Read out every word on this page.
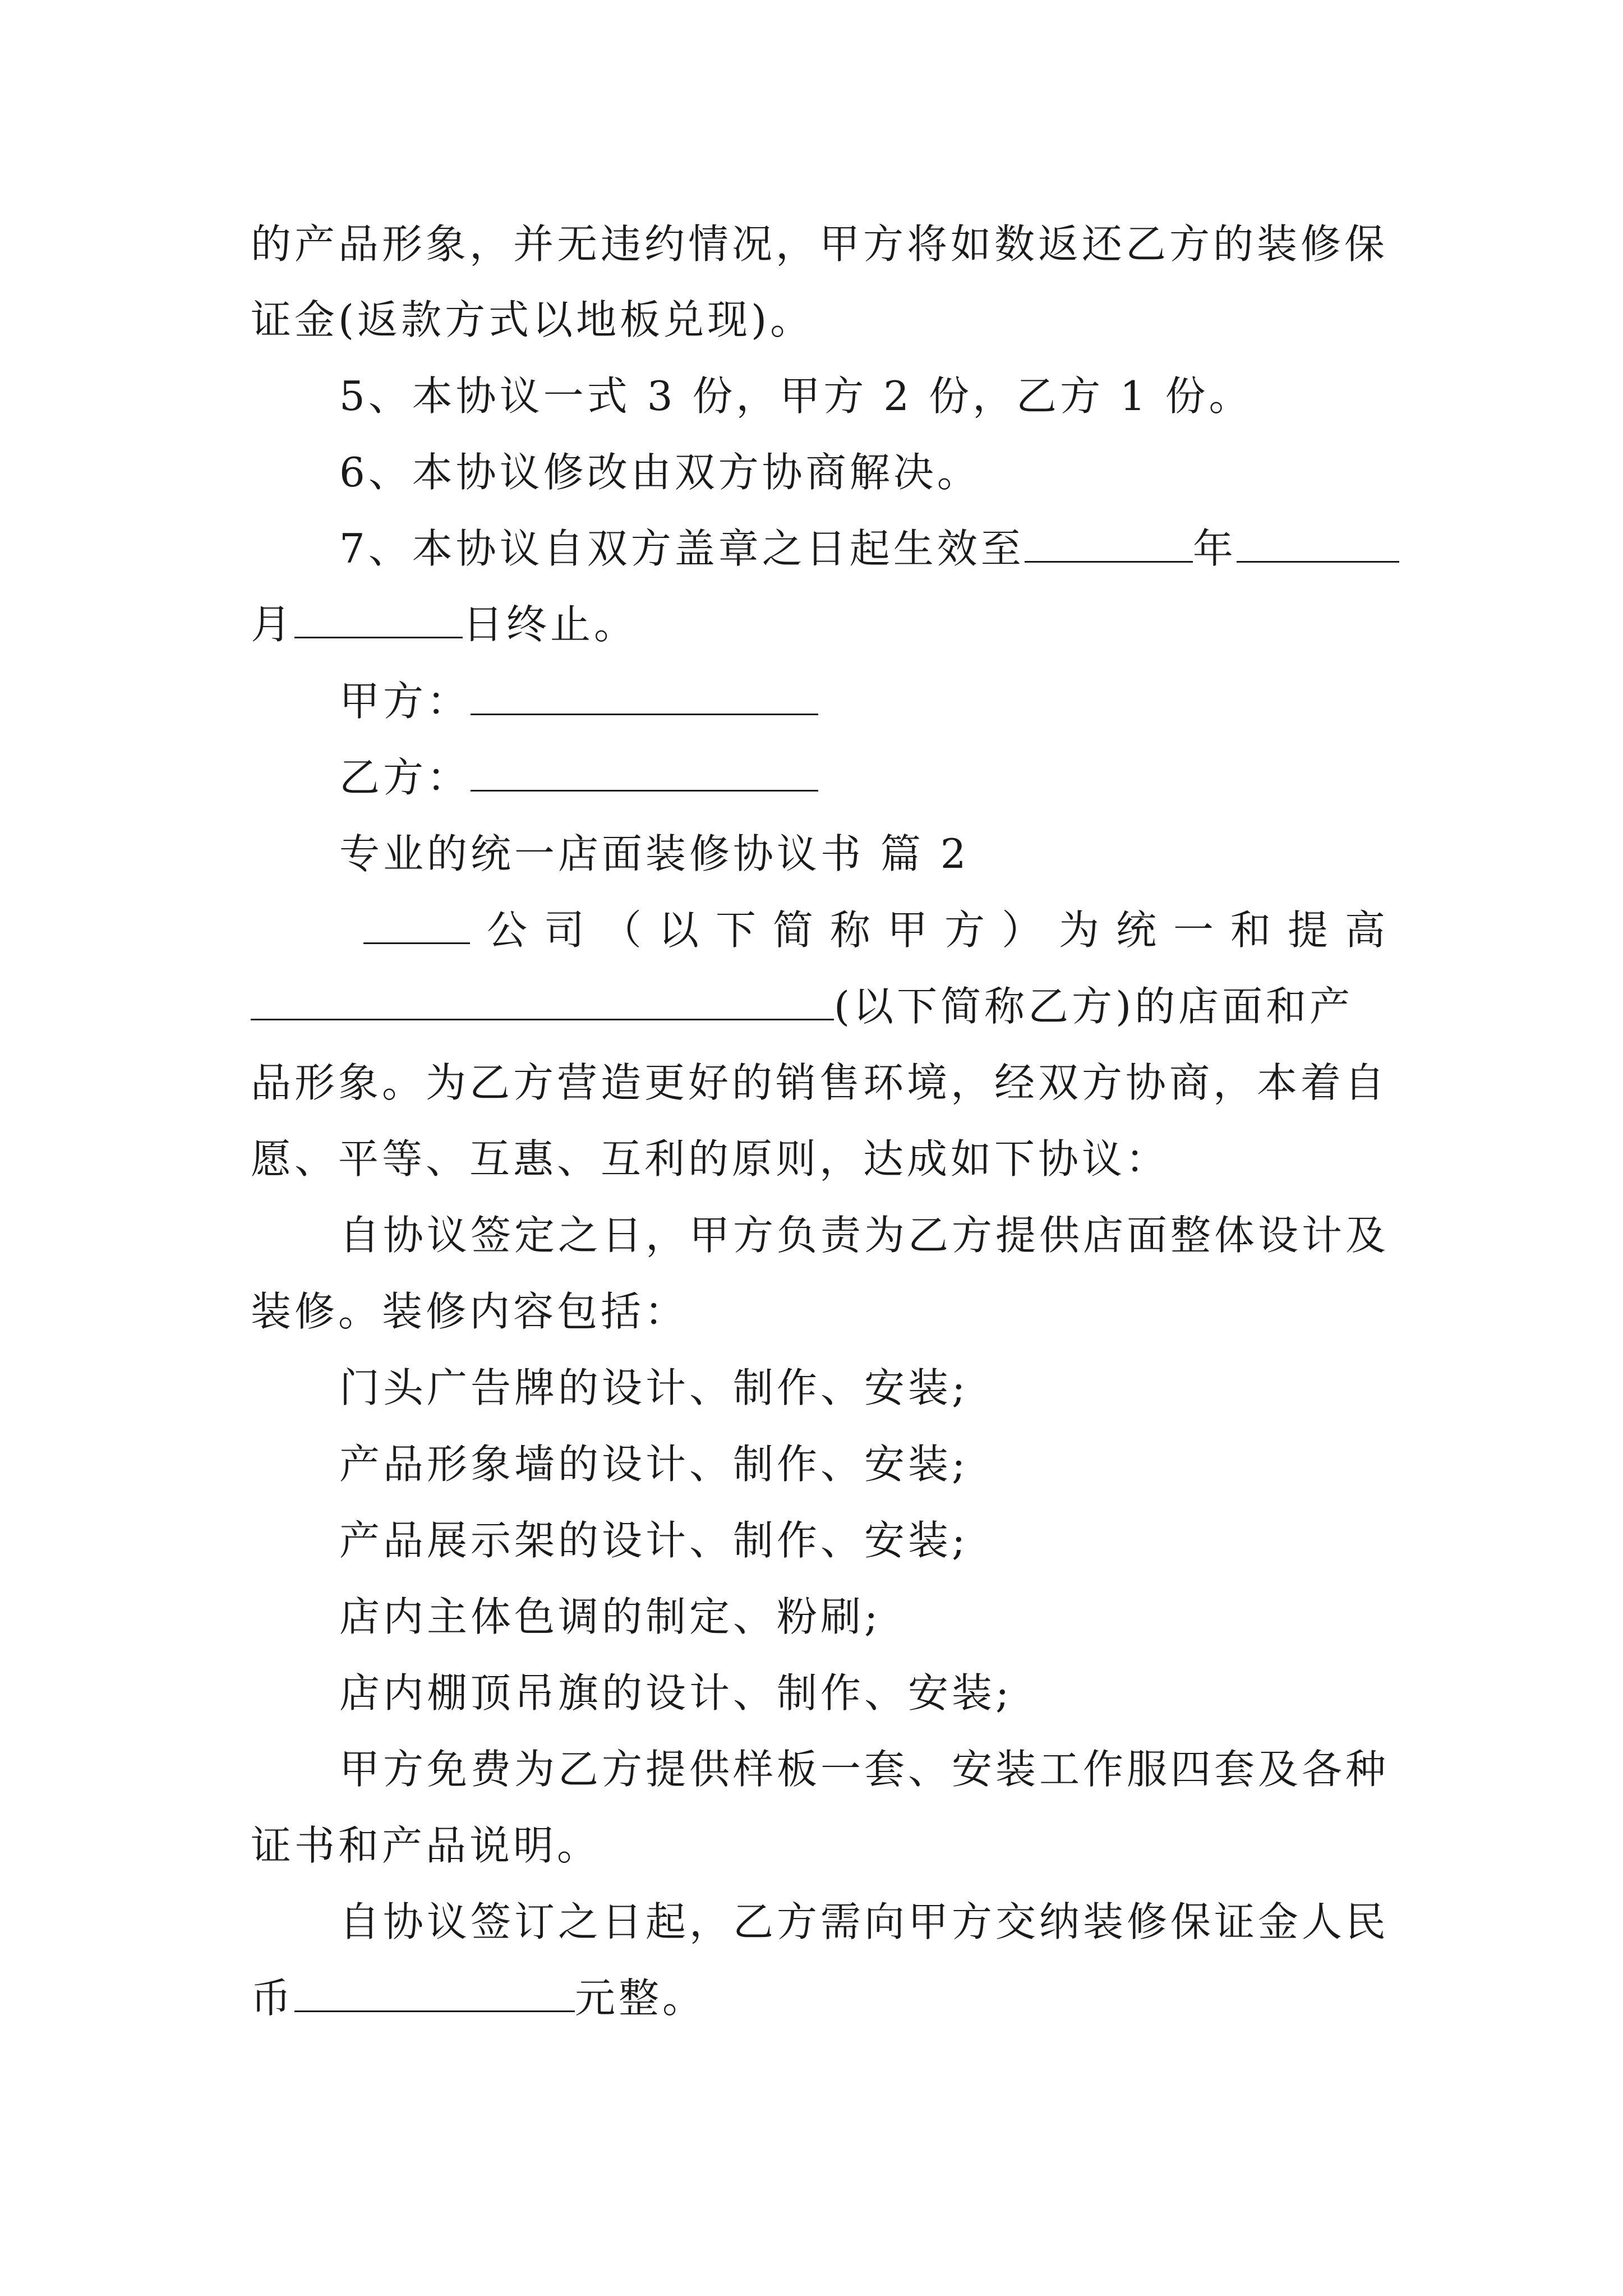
的产品形象，并无违约情况，甲方将如数返还乙方的装修保
证金(返款方式以地板兑现)。
5、本协议一式 3 份，甲方 2 份，乙方 1 份。
6、本协议修改由双方协商解决。
7、本协议自双方盖章之日起生效至	年
月	日终止。
甲方：
乙方：
专业的统一店面装修协议书 篇 2
公 司 （ 以 下 简 称 甲 方 ） 为 统 一 和 提 高
(以下简称乙方)的店面和产
品形象。为乙方营造更好的销售环境，经双方协商，本着自
愿、平等、互惠、互利的原则，达成如下协议：
自协议签定之日，甲方负责为乙方提供店面整体设计及
装修。装修内容包括：
门头广告牌的设计、制作、安装;
产品形象墙的设计、制作、安装;
产品展示架的设计、制作、安装;
店内主体色调的制定、粉刷;
店内棚顶吊旗的设计、制作、安装;
甲方免费为乙方提供样板一套、安装工作服四套及各种
证书和产品说明。
自协议签订之日起，乙方需向甲方交纳装修保证金人民
币	元整。
